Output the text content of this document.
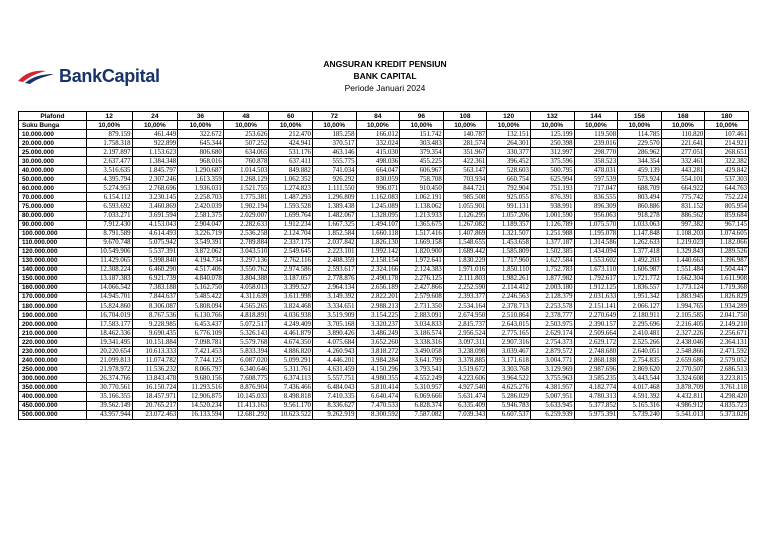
BankCapital
ANGSURAN KREDIT PENSIUN
BANK CAPITAL
Periode Januari 2024
Plafond	12	24	36	48	60	72	84	96	108	120	132	144	156	168	180
Suku Bunga	10,00%	10,00%	10,00%	10,00%	10,00%	10,00%	10,00%	10,00%	10,00%	10,00%	10,00%	10,00%	10,00%	10,00%	10,00%
10.000.000	879.159	461.449	322.672	253.626	212.470	185.258	166.012	151.742	140.787	132.151	125.199	119.508	114.785	110.820	107.461
20.000.000	1.758.318	922.899	645.344	507.252	424.941	370.517	332.024	303.483	281.574	264.301	250.398	239.016	229.570	221.641	214.921
25.000.000	2.197.897	1.153.623	806.680	634.065	531.176	463.146	415.030	379.354	351.967	330.377	312.997	298.770	286.962	277.051	268.651
30.000.000	2.637.477	1.384.348	968.016	760.878	637.411	555.775	498.036	455.225	422.361	396.452	375.596	358.523	344.354	332.461	322.382
40.000.000	3.516.635	1.845.797	1.290.687	1.014.503	849.882	741.034	664.047	606.967	563.147	528.603	500.795	478.031	459.139	443.281	429.842
50.000.000	4.395.794	2.307.246	1.613.359	1.268.129	1.062.352	926.292	830.059	758.708	703.934	660.754	625.994	597.539	573.924	554.101	537.303
60.000.000	5.274.953	2.768.696	1.936.031	1.521.755	1.274.823	1.111.550	996.071	910.450	844.721	792.904	751.193	717.047	688.709	664.922	644.763
70.000.000	6.154.112	3.230.145	2.258.703	1.775.381	1.487.293	1.296.809	1.162.083	1.062.191	985.508	925.055	876.391	836.555	803.494	775.742	752.224
75.000.000	6.593.692	3.460.869	2.420.039	1.902.194	1.593.528	1.389.438	1.245.089	1.138.062	1.055.901	991.131	938.991	896.309	860.886	831.152	805.954
80.000.000	7.033.271	3.691.594	2.581.375	2.029.007	1.699.764	1.482.067	1.328.095	1.213.933	1.126.295	1.057.206	1.001.590	956.063	918.278	886.562	859.684
90.000.000	7.912.430	4.153.043	2.904.047	2.282.633	1.912.234	1.667.325	1.494.107	1.365.675	1.267.082	1.189.357	1.126.789	1.075.570	1.033.063	997.382	967.145
100.000.000	8.791.589	4.614.493	3.226.719	2.536.258	2.124.704	1.852.584	1.660.118	1.517.416	1.407.869	1.321.507	1.251.988	1.195.078	1.147.848	1.108.203	1.074.605
110.000.000	9.670.748	5.075.942	3.549.391	2.789.884	2.337.175	2.037.842	1.826.130	1.669.158	1.548.655	1.453.658	1.377.187	1.314.586	1.262.633	1.219.023	1.182.066
120.000.000	10.549.906	5.537.391	3.872.062	3.043.510	2.549.645	2.223.101	1.992.142	1.820.900	1.689.442	1.585.809	1.502.385	1.434.094	1.377.418	1.329.843	1.289.526
130.000.000	11.429.065	5.998.840	4.194.734	3.297.136	2.762.116	2.408.359	2.158.154	1.972.641	1.830.229	1.717.960	1.627.584	1.553.602	1.492.203	1.440.663	1.396.987
140.000.000	12.308.224	6.460.290	4.517.406	3.550.762	2.974.586	2.593.617	2.324.166	2.124.383	1.971.016	1.850.110	1.752.783	1.673.110	1.606.987	1.551.484	1.504.447
150.000.000	13.187.383	6.921.739	4.840.078	3.804.388	3.187.057	2.778.876	2.490.178	2.276.125	2.111.803	1.982.261	1.877.982	1.792.617	1.721.772	1.662.304	1.611.908
160.000.000	14.066.542	7.383.188	5.162.750	4.058.013	3.399.527	2.964.134	2.656.189	2.427.866	2.252.590	2.114.412	2.003.180	1.912.125	1.836.557	1.773.124	1.719.368
170.000.000	14.945.701	7.844.637	5.485.422	4.311.639	3.611.998	3.149.392	2.822.201	2.579.608	2.393.377	2.246.563	2.128.379	2.031.633	1.951.342	1.883.945	1.826.829
180.000.000	15.824.860	8.306.087	5.808.094	4.565.265	3.824.468	3.334.651	2.988.213	2.731.350	2.534.164	2.378.713	2.253.578	2.151.141	2.066.127	1.994.765	1.934.289
190.000.000	16.704.019	8.767.536	6.130.766	4.818.891	4.036.938	3.519.909	3.154.225	2.883.091	2.674.950	2.510.864	2.378.777	2.270.649	2.180.911	2.105.585	2.041.750
200.000.000	17.583.177	9.228.985	6.453.437	5.072.517	4.249.409	3.705.168	3.320.237	3.034.833	2.815.737	2.643.015	2.503.975	2.390.157	2.295.696	2.216.405	2.149.210
210.000.000	18.462.336	9.690.435	6.776.109	5.326.143	4.461.879	3.890.426	3.486.249	3.186.574	2.956.524	2.775.165	2.629.174	2.509.664	2.410.481	2.327.226	2.256.671
220.000.000	19.341.495	10.151.884	7.098.781	5.579.768	4.674.350	4.075.684	3.652.260	3.338.316	3.097.311	2.907.316	2.754.373	2.629.172	2.525.266	2.438.046	2.364.131
230.000.000	20.220.654	10.613.333	7.421.453	5.833.394	4.886.820	4.260.943	3.818.272	3.490.058	3.238.098	3.039.467	2.879.572	2.748.680	2.640.051	2.548.866	2.471.592
240.000.000	21.099.813	11.074.782	7.744.125	6.087.020	5.099.291	4.446.201	3.984.284	3.641.799	3.378.885	3.171.618	3.004.771	2.868.188	2.754.835	2.659.686	2.579.052
250.000.000	21.978.972	11.536.232	8.066.797	6.340.646	5.311.761	4.631.459	4.150.296	3.793.541	3.519.672	3.303.768	3.129.969	2.987.696	2.869.620	2.770.507	2.686.513
300.000.000	26.374.766	13.843.478	9.680.156	7.608.775	6.374.113	5.557.751	4.980.355	4.552.249	4.223.606	3.964.522	3.755.963	3.585.235	3.443.544	3.324.608	3.223.815
350.000.000	30.770.561	16.150.724	11.293.516	8.876.904	7.436.466	6.484.043	5.810.414	5.310.957	4.927.540	4.625.276	4.381.957	4.182.774	4.017.468	3.878.709	3.761.118
400.000.000	35.166.355	18.457.971	12.906.875	10.145.033	8.498.818	7.410.335	6.640.474	6.069.666	5.631.474	5.286.029	5.007.951	4.780.313	4.591.392	4.432.811	4.298.420
450.000.000	39.562.149	20.765.217	14.520.234	11.413.163	9.561.170	8.336.627	7.470.533	6.828.374	6.335.409	5.946.783	5.633.945	5.377.852	5.165.316	4.986.912	4.835.723
500.000.000	43.957.944	23.072.463	16.133.594	12.681.292	10.623.522	9.262.919	8.300.592	7.587.082	7.039.343	6.607.537	6.259.939	5.975.391	5.739.240	5.541.013	5.373.026
